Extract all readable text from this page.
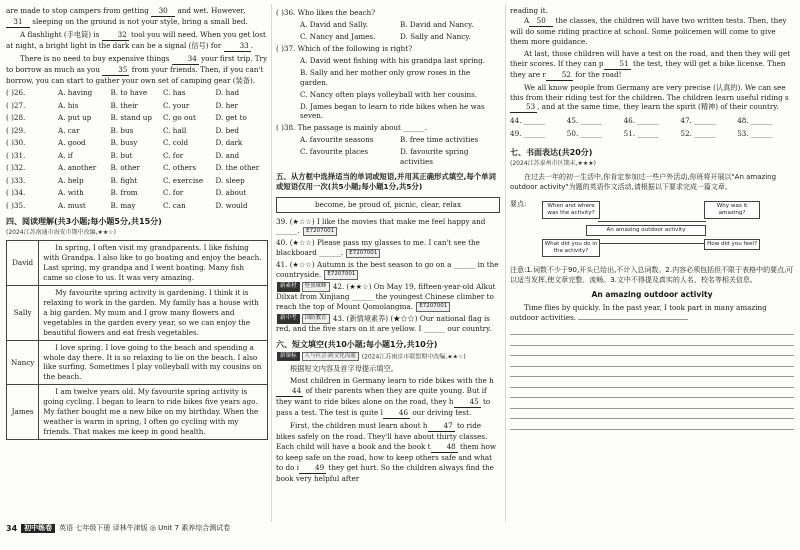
are made to stop campers from getting 30 and wet. However, 31 sleeping on the ground is not your style, bring a small bed.

A flashlight (手电筒) is 32 tool you will need. When you get lost at night, a bright light in the dark can be a signal (信号) for 33 .

There is no need to buy expensive things 34 your first trip. Try to borrow as much as you 35 from your friends. Then, if you can't borrow, you can start to gather your own set of camping gear (装备).

( )26.	A. having	B. to have	C. has	D. had
( )27.	A. his	B. their	C. your	D. her
( )28.	A. put up	B. stand up	C. go out	D. get to
( )29.	A. car	B. bus	C. hall	D. bed
( )30.	A. good	B. busy	C. cold	D. dark
( )31.	A. if	B. but	C. for	D. and
( )32.	A. another	B. other	C. others	D. the other
( )33.	A. help	B. fight	C. exercise	D. sleep
( )34.	A. with	B. from	C. for	D. about
( )35.	A. must	B. may	C. can	D. would
四、阅读理解(共3小题;每小题5分,共15分)
(2024江苏南通市海安市期中改编,★★☆)
David	In spring, I often visit my grandparents. I like fishing with Grandpa. I also like to go boating and enjoy the beach. Last spring, my grandpa and I went boating. Many fish came so close to us. It was very amazing.
Sally	My favourite spring activity is gardening. I think it is relaxing to work in the garden. My family has a house with a big garden. My mum and I grow many flowers and vegetables in the garden every year, so we can enjoy the beautiful flowers and eat fresh vegetables.
Nancy	I love spring. I love going to the beach and spending a whole day there. It is so relaxing to lie on the beach. I also like surfing. Sometimes I play volleyball with my cousins on the beach.
James	I am twelve years old. My favourite spring activity is going cycling. I began to learn to ride bikes five years ago. My father bought me a new bike on my birthday. When the weather is warm in spring, I often go cycling with my friends. That makes me keep in good health.
( )36. Who likes the beach?
A. David and Sally.	B. David and Nancy.
C. Nancy and James.	D. Sally and Nancy.
( )37. Which of the following is right?
A. David went fishing with his grandpa last spring.
B. Sally and her mother only grow roses in the garden.
C. Nancy often plays volleyball with her cousins.
D. James began to learn to ride bikes when he was seven.
( )38. The passage is mainly about ______.
A. favourite seasons	B. free time activities
C. favourite places	D. favourite spring activities
五、从方框中选择适当的单词或短语,并用其正确形式填空,每个单词或短语仅用一次(共5小题;每小题1分,共5分)
become, be proud of, picnic, clear, relax

39. (★☆☆) I like the movies that make me feel happy and ______. E7207001

40. (★☆☆) Please pass my glasses to me. I can't see the blackboard ______. E7207001

41. (★☆☆) Autumn is the best season to go on a ______ in the countryside. E7207001

新素材 登顶珠峰 42. (★★☆) On May 19, fifteen-year-old Alkut Dilxat from Xinjiang ______ the youngest Chinese climber to reach the top of Mount Qomolangma. E7207001

新中考 国防教育 43. (新情境素养) (★☆☆) Our national flag is red, and the five stars on it are yellow. I ______ our country.

六、短文填空(共10小题;每小题1分,共10分)
新课标 人与社会·跨文化沟通 (2024江苏南京市联盟期中改编,★★☆)

根据短文内容及首字母提示填空。

Most children in Germany learn to ride bikes with the h44 of their parents when they are quite young. But if they want to ride bikes alone on the road, they h 45 to pass a test. The test is quite l 46 our driving test.

First, the children must learn about h 47 to ride bikes safely on the road. They'll have about thirty classes. Each child will have a book and the book t 48 them how to keep safe on the road, how to keep others safe and what to do i 49 they get hurt. So the children always find the book very helpful after

reading it.
A 50 the classes, the children will have two written tests. Then, they will do some riding practice at school. Some policemen will come to give them more guidance.

At last, those children will have a test on the road, and then they will get their scores. If they can p 51 the test, they will get a bike license. Then they are r 52 for the road!

We all know people from Germany are very precise (认真的). We can see this from their riding test for the children. The children learn useful riding s53 , and at the same time, they learn the spirit (精神) of their country.

44. ______	45. ______	46. ______	47. ______	48. ______
49. ______	50. ______	51. ______	52. ______	53. ______
七、书面表达(共20分)
(2024江苏泰州市区期末,★★★)

在过去一年的初一生活中,你肯定参加过一些户外活动,你班将开展以"An amazing outdoor activity"为题的英语作文活动,请根据以下要求完成一篇文章。

要点:	When and where was the activity?
Why was it amazing?
An amazing outdoor activity
What did you do in the activity?
How did you feel?

注意:1.词数不少于90,开头已给出,不计入总词数。2.内容必须包括但不限于表格中的要点,可以适当发挥,使文章完整、流畅。3.文中不得提及真实的人名、校名等相关信息。

An amazing outdoor activity

Time flies by quickly. In the past year, I took part in many amazing outdoor activities.

34	初中练卷	英语 七年级下册 译林牛津版 ◎ Unit 7 素养综合测试卷
